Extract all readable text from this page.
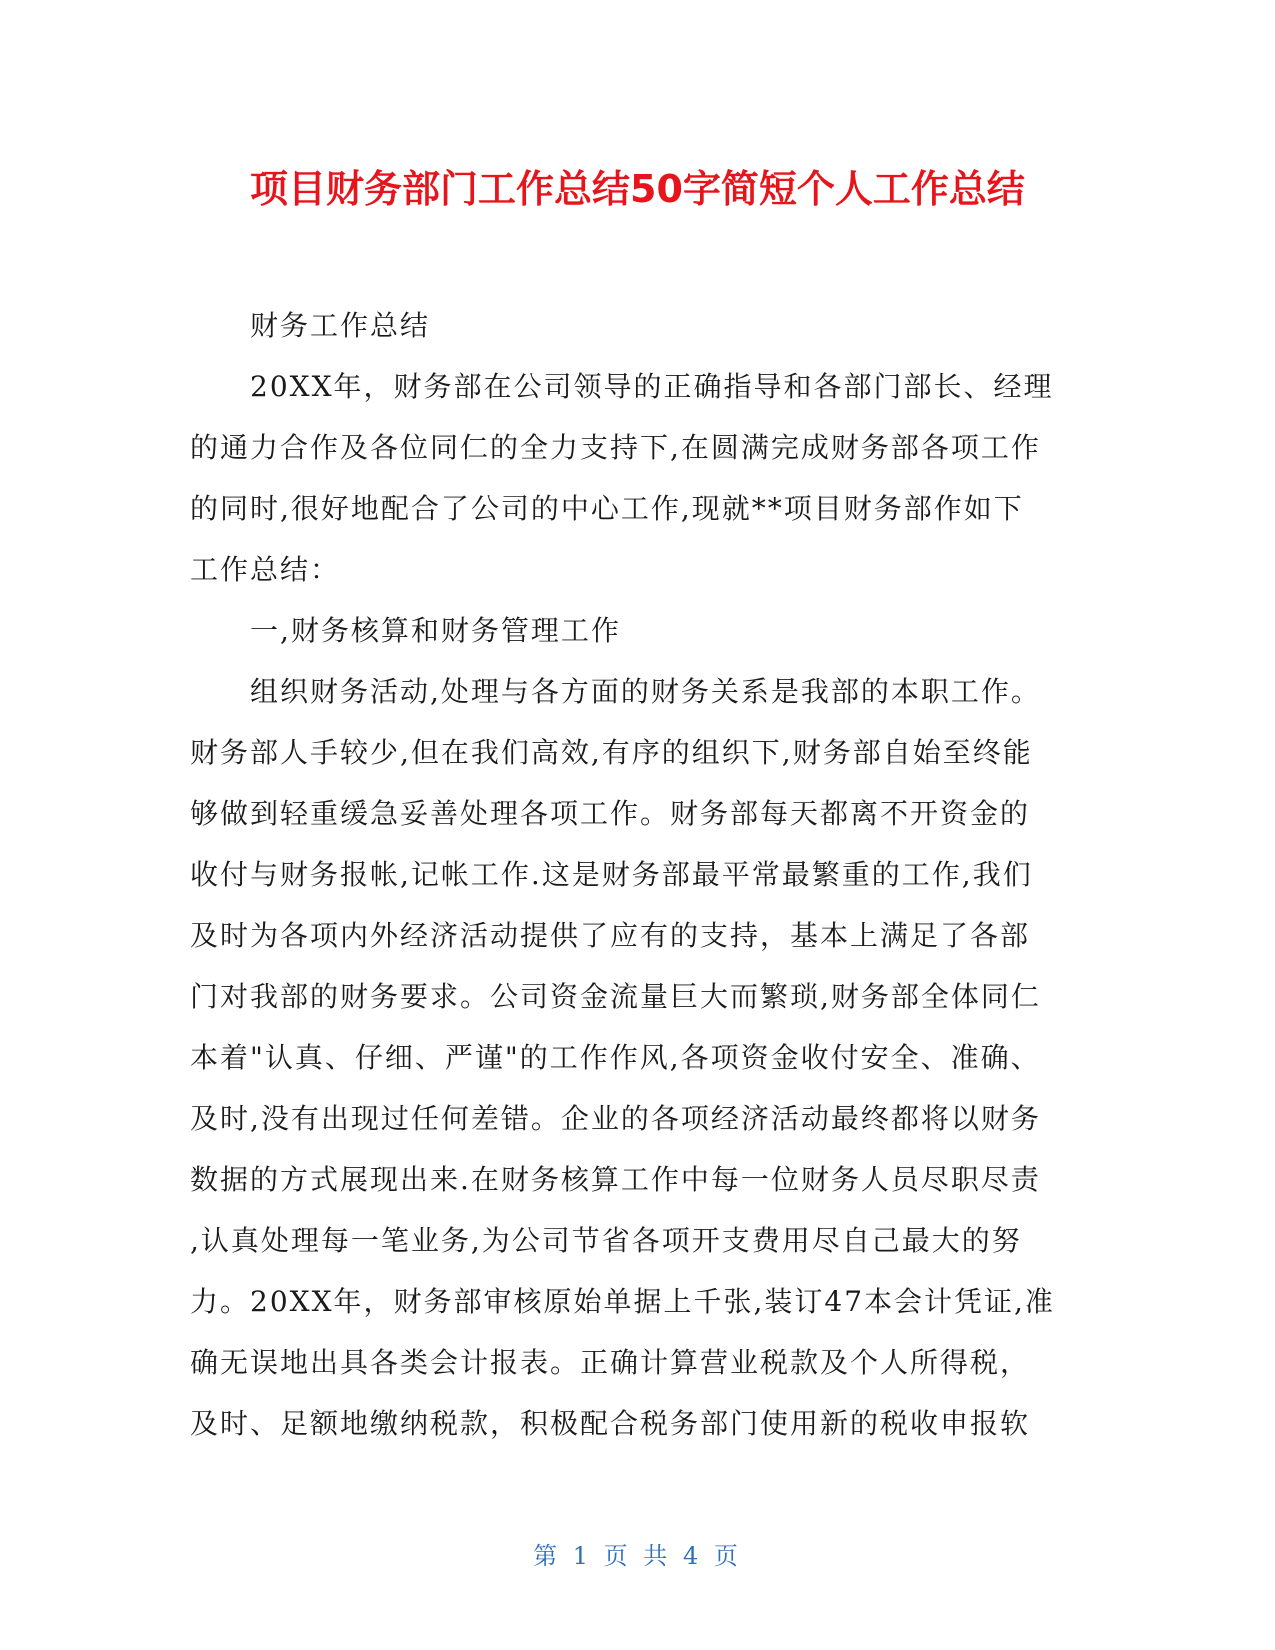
项目财务部门工作总结50字简短个人工作总结
财务工作总结
20XX年，财务部在公司领导的正确指导和各部门部长、经理
的通力合作及各位同仁的全力支持下,在圆满完成财务部各项工作
的同时,很好地配合了公司的中心工作,现就**项目财务部作如下
工作总结：
一,财务核算和财务管理工作
组织财务活动,处理与各方面的财务关系是我部的本职工作。
财务部人手较少,但在我们高效,有序的组织下,财务部自始至终能
够做到轻重缓急妥善处理各项工作。财务部每天都离不开资金的
收付与财务报帐,记帐工作.这是财务部最平常最繁重的工作,我们
及时为各项内外经济活动提供了应有的支持，基本上满足了各部
门对我部的财务要求。公司资金流量巨大而繁琐,财务部全体同仁
本着"认真、仔细、严谨"的工作作风,各项资金收付安全、准确、
及时,没有出现过任何差错。企业的各项经济活动最终都将以财务
数据的方式展现出来.在财务核算工作中每一位财务人员尽职尽责
,认真处理每一笔业务,为公司节省各项开支费用尽自己最大的努
力。20XX年，财务部审核原始单据上千张,装订47本会计凭证,准
确无误地出具各类会计报表。正确计算营业税款及个人所得税，
及时、足额地缴纳税款，积极配合税务部门使用新的税收申报软
第 1 页 共 4 页
